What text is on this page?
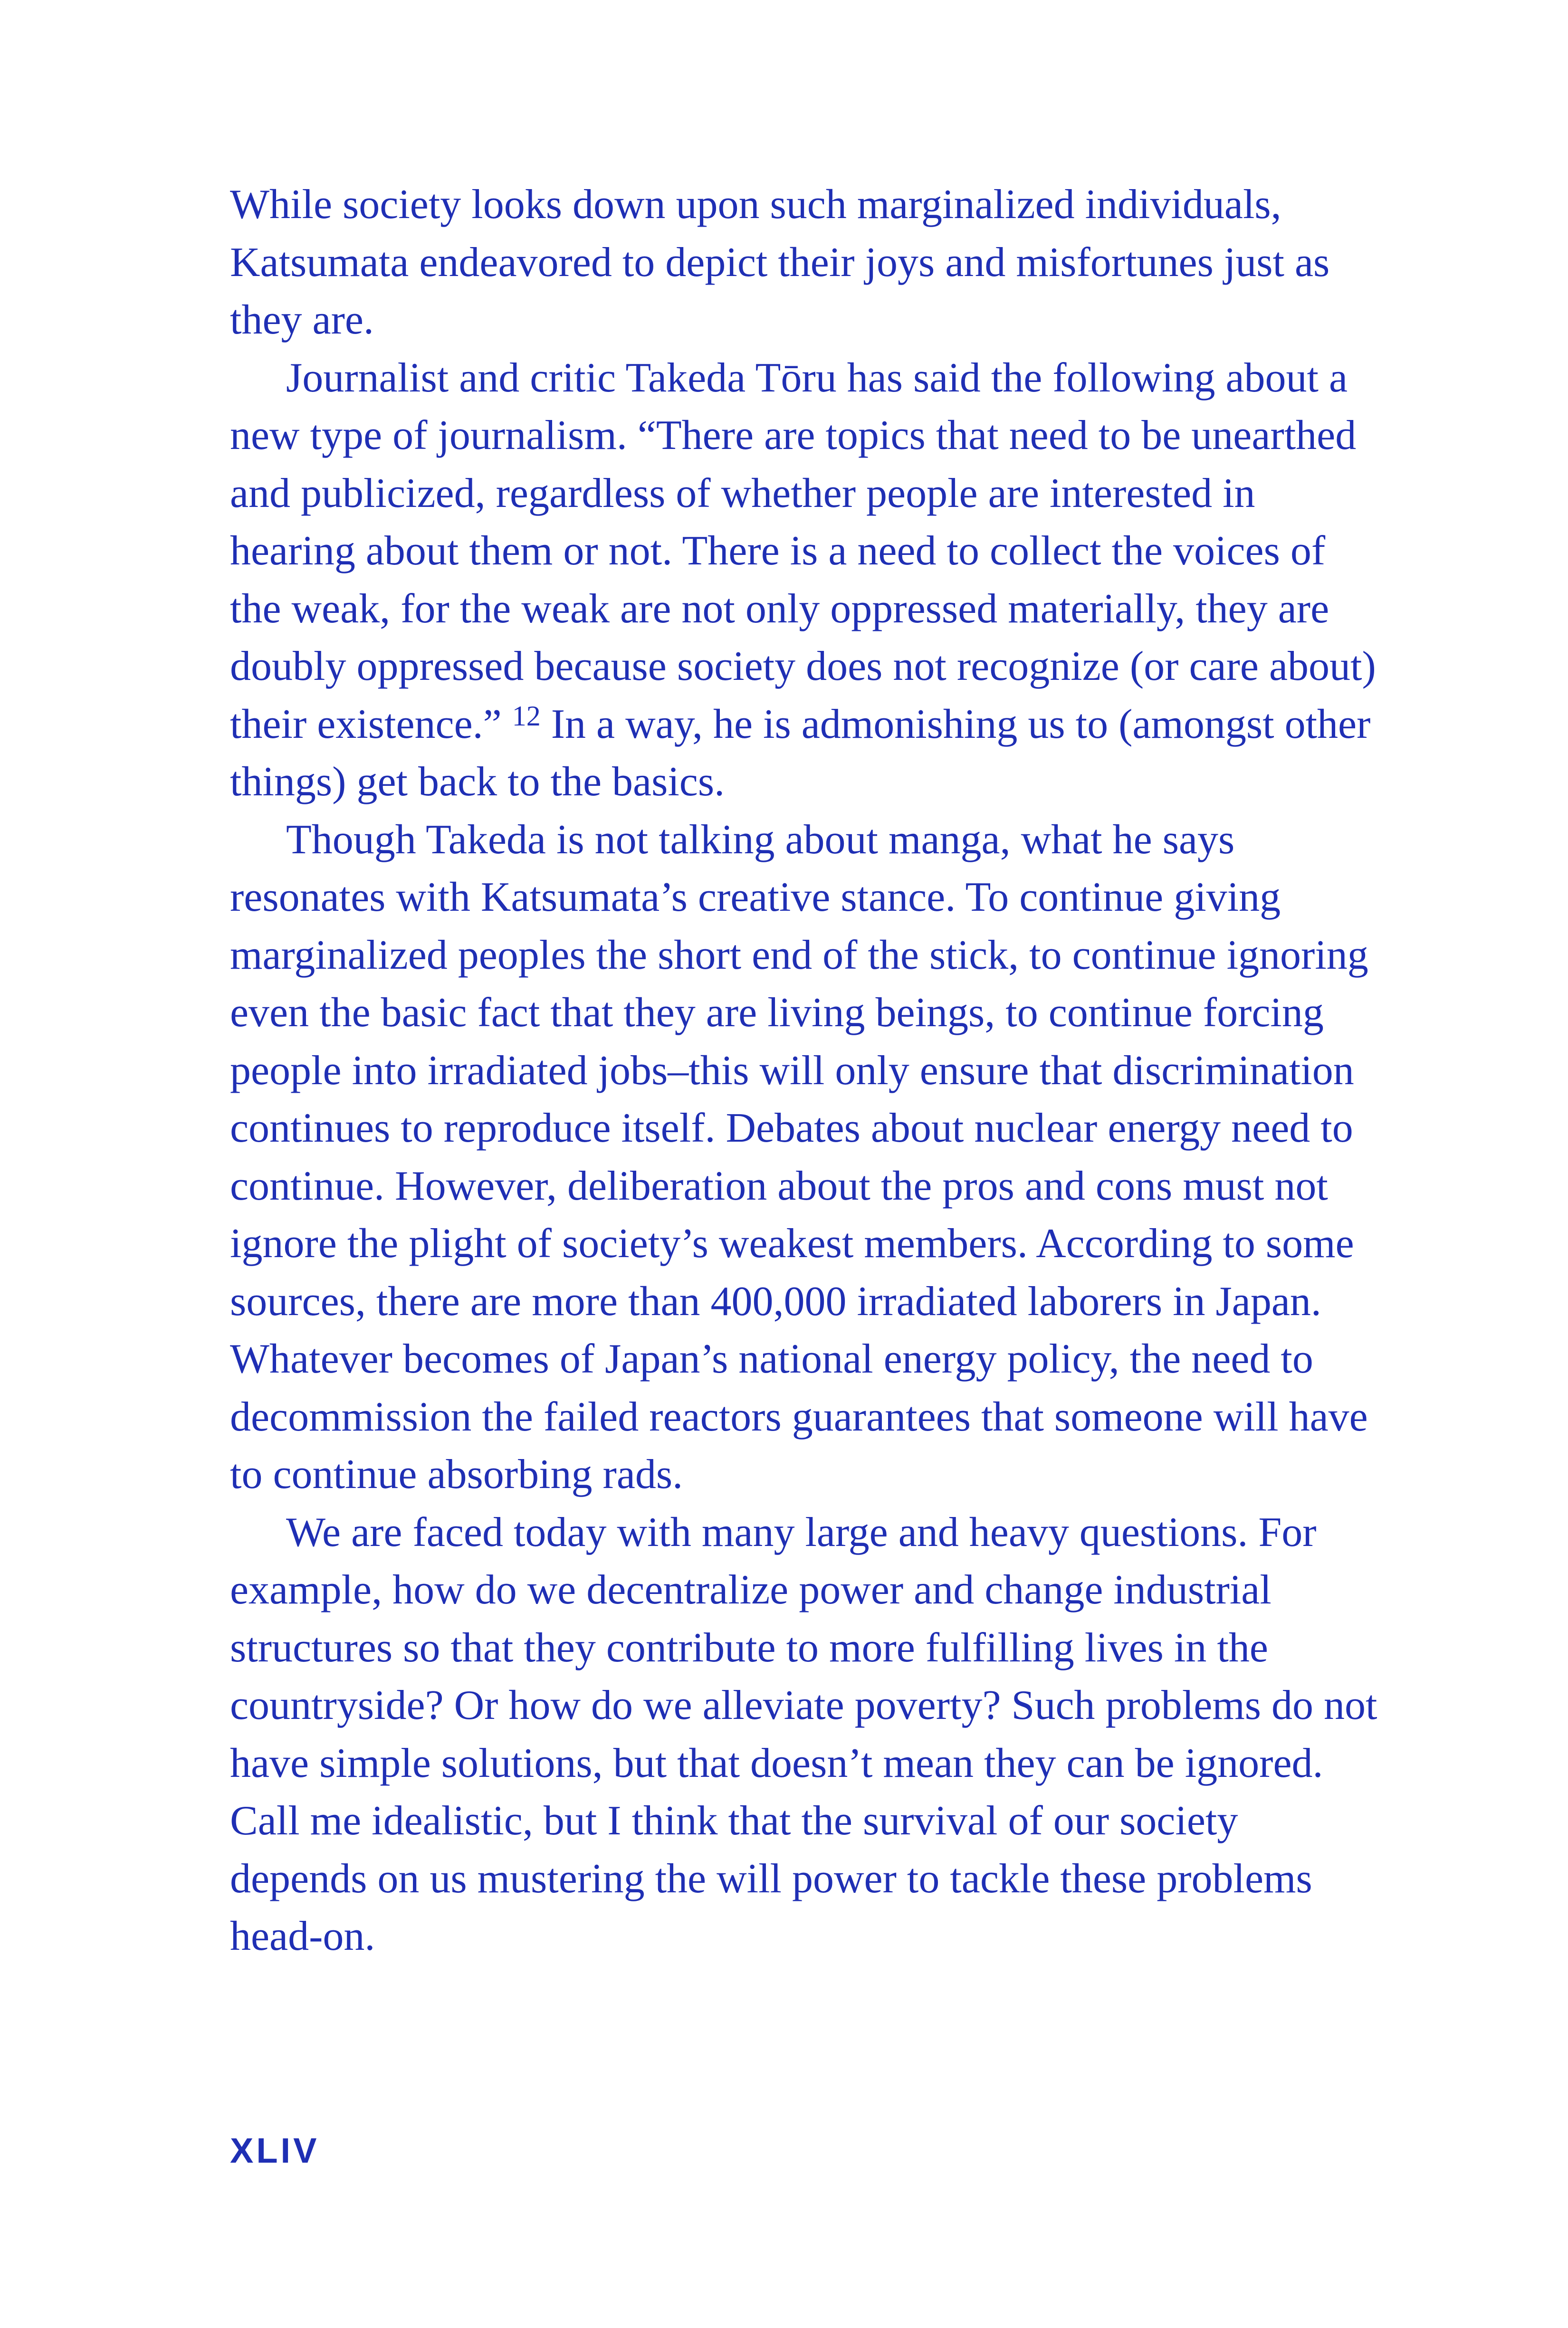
While society looks down upon such marginalized individuals, Katsumata endeavored to depict their joys and misfortunes just as they are.

Journalist and critic Takeda Tōru has said the following about a new type of journalism. “There are topics that need to be unearthed and publicized, regardless of whether people are interested in hearing about them or not. There is a need to collect the voices of the weak, for the weak are not only oppressed materially, they are doubly oppressed because society does not recognize (or care about) their existence.” $^{12}$ In a way, he is admonishing us to (amongst other things) get back to the basics.

Though Takeda is not talking about manga, what he says resonates with Katsumata’s creative stance. To continue giving marginalized peoples the short end of the stick, to continue ignoring even the basic fact that they are living beings, to continue forcing people into irradiated jobs–this will only ensure that discrimination continues to reproduce itself. Debates about nuclear energy need to continue. However, deliberation about the pros and cons must not ignore the plight of society’s weakest members. According to some sources, there are more than 400,000 irradiated laborers in Japan. Whatever becomes of Japan’s national energy policy, the need to decommission the failed reactors guarantees that someone will have to continue absorbing rads.

We are faced today with many large and heavy questions. For example, how do we decentralize power and change industrial structures so that they contribute to more fulfilling lives in the countryside? Or how do we alleviate poverty? Such problems do not have simple solutions, but that doesn’t mean they can be ignored. Call me idealistic, but I think that the survival of our society depends on us mustering the will power to tackle these problems head-on.

XLIV
